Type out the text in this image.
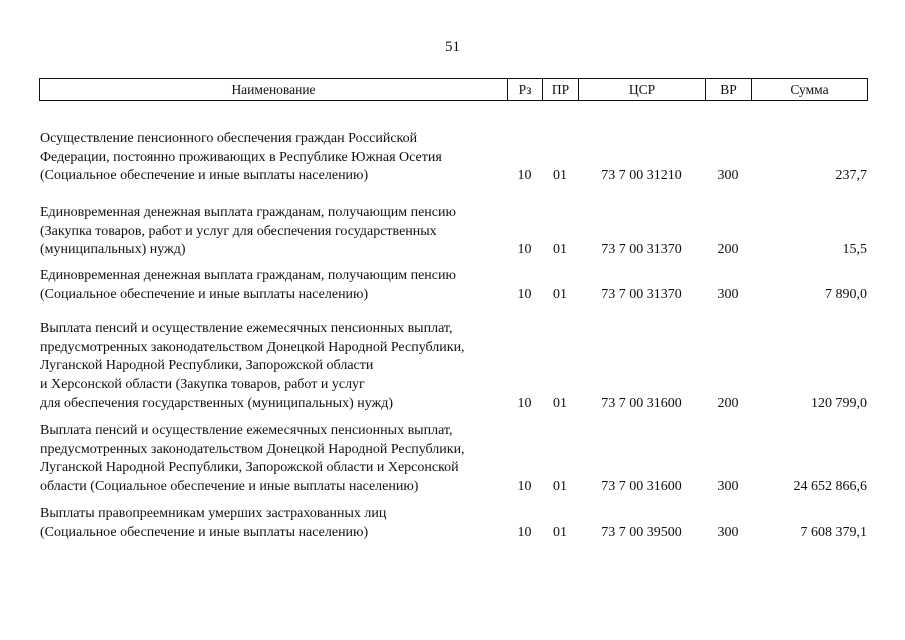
51
Наименование	Рз	ПР	ЦСР	ВР	Сумма
Осуществление пенсионного обеспечения граждан Российской
Федерации, постоянно проживающих в Республике Южная Осетия
(Социальное обеспечение и иные выплаты населению)	10	01	73 7 00 31210	300	237,7
Единовременная денежная выплата гражданам, получающим пенсию
(Закупка товаров, работ и услуг для обеспечения государственных
(муниципальных) нужд)	10	01	73 7 00 31370	200	15,5
Единовременная денежная выплата гражданам, получающим пенсию
(Социальное обеспечение и иные выплаты населению)	10	01	73 7 00 31370	300	7 890,0
Выплата пенсий и осуществление ежемесячных пенсионных выплат,
предусмотренных законодательством Донецкой Народной Республики,
Луганской Народной Республики, Запорожской области
и Херсонской области (Закупка товаров, работ и услуг
для обеспечения государственных (муниципальных) нужд)	10	01	73 7 00 31600	200	120 799,0
Выплата пенсий и осуществление ежемесячных пенсионных выплат,
предусмотренных законодательством Донецкой Народной Республики,
Луганской Народной Республики, Запорожской области и Херсонской
области (Социальное обеспечение и иные выплаты населению)	10	01	73 7 00 31600	300	24 652 866,6
Выплаты правопреемникам умерших застрахованных лиц
(Социальное обеспечение и иные выплаты населению)	10	01	73 7 00 39500	300	7 608 379,1
